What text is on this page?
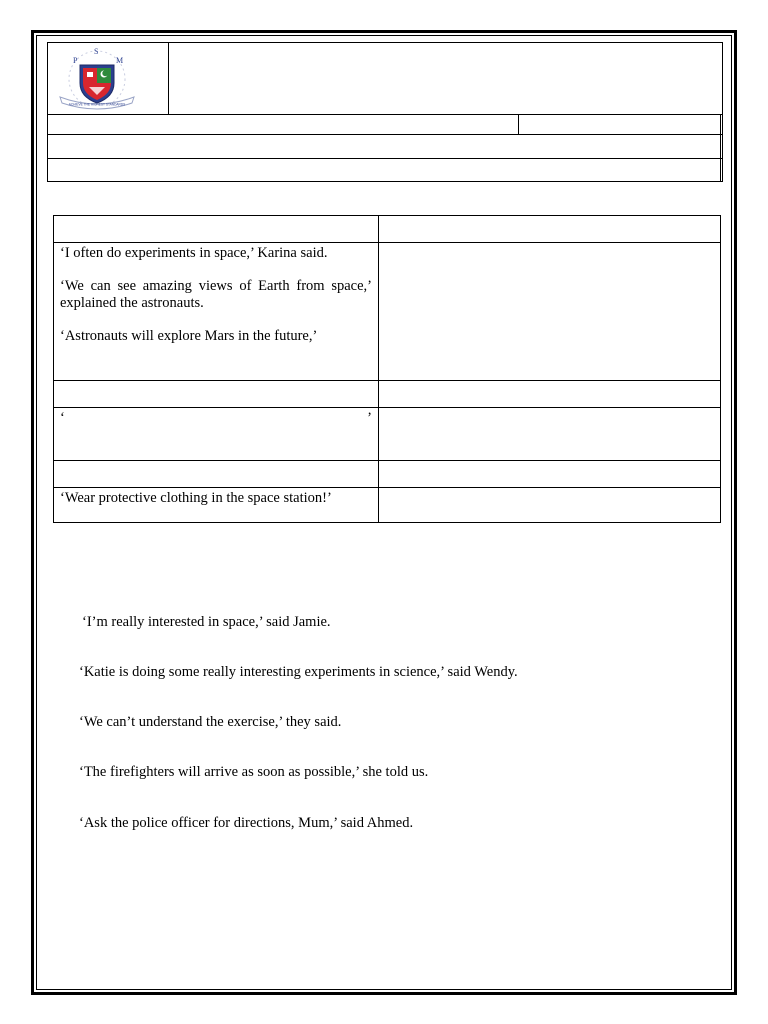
P
S
M
ACHIEVE THE HIGHEST STANDARDS			

‘I often do experiments in space,’ Karina said.

‘We can see amazing views of Earth from space,’ explained the astronauts.

‘Astronauts will explore Mars in the future,’	

‘ ’	

‘Wear protective clothing in the space station!’	
‘I’m really interested in space,’ said Jamie.
‘Katie is doing some really interesting experiments in science,’ said Wendy.
‘We can’t understand the exercise,’ they said.
‘The firefighters will arrive as soon as possible,’ she told us.
‘Ask the police officer for directions, Mum,’ said Ahmed.
